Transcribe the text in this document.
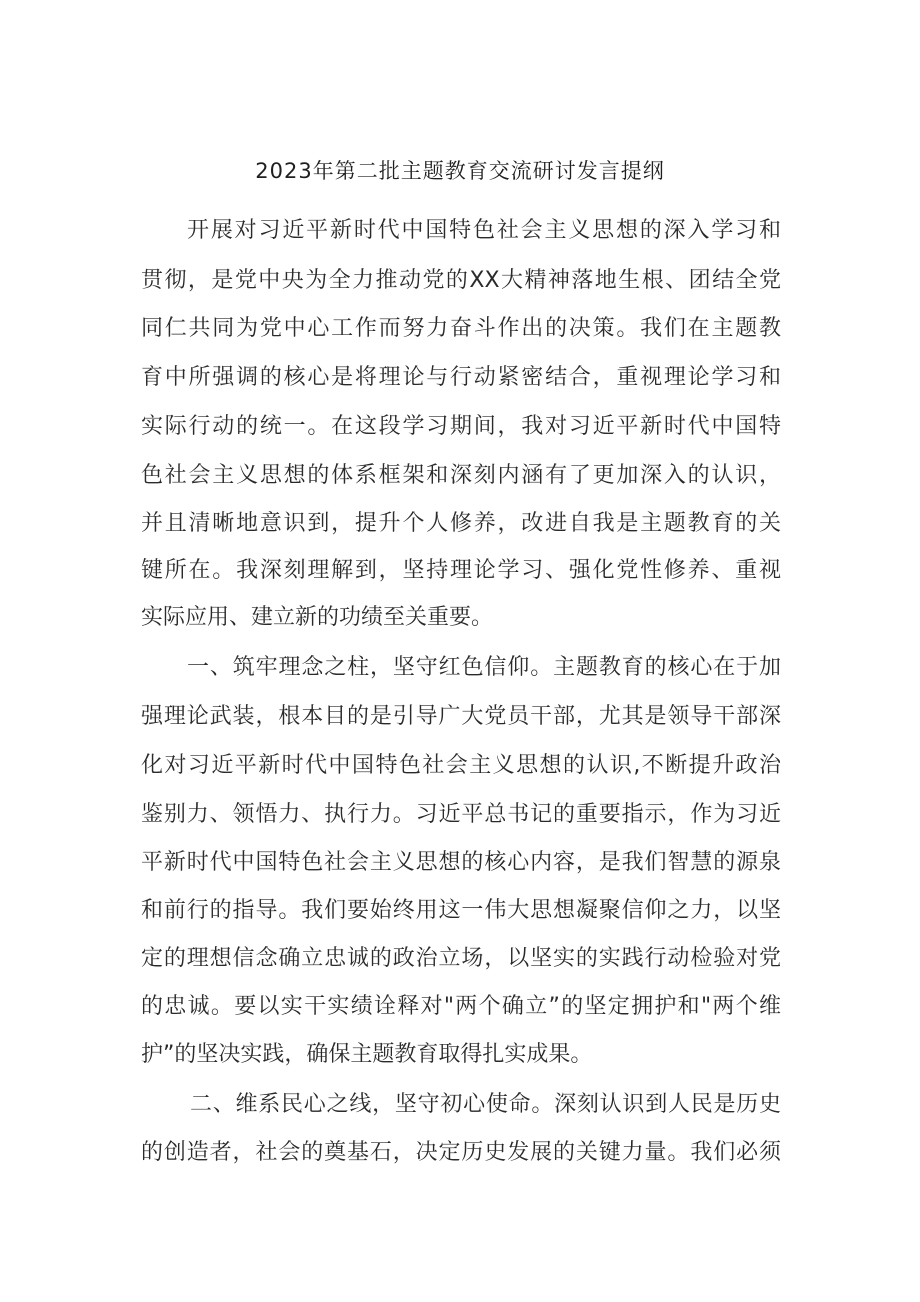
2023年第二批主题教育交流研讨发言提纲
开展对习近平新时代中国特色社会主义思想的深入学习和
贯彻，是党中央为全力推动党的XX大精神落地生根、团结全党
同仁共同为党中心工作而努力奋斗作出的决策。我们在主题教
育中所强调的核心是将理论与行动紧密结合，重视理论学习和
实际行动的统一。在这段学习期间，我对习近平新时代中国特
色社会主义思想的体系框架和深刻内涵有了更加深入的认识，
并且清晰地意识到，提升个人修养，改进自我是主题教育的关
键所在。我深刻理解到，坚持理论学习、强化党性修养、重视
实际应用、建立新的功绩至关重要。
一、筑牢理念之柱，坚守红色信仰。主题教育的核心在于加
强理论武装，根本目的是引导广大党员干部，尤其是领导干部深
化对习近平新时代中国特色社会主义思想的认识,不断提升政治
鉴别力、领悟力、执行力。习近平总书记的重要指示，作为习近
平新时代中国特色社会主义思想的核心内容，是我们智慧的源泉
和前行的指导。我们要始终用这一伟大思想凝聚信仰之力，以坚
定的理想信念确立忠诚的政治立场，以坚实的实践行动检验对党
的忠诚。要以实干实绩诠释对"两个确立”的坚定拥护和"两个维
护”的坚决实践，确保主题教育取得扎实成果。
二、维系民心之线，坚守初心使命。深刻认识到人民是历史
的创造者，社会的奠基石，决定历史发展的关键力量。我们必须
